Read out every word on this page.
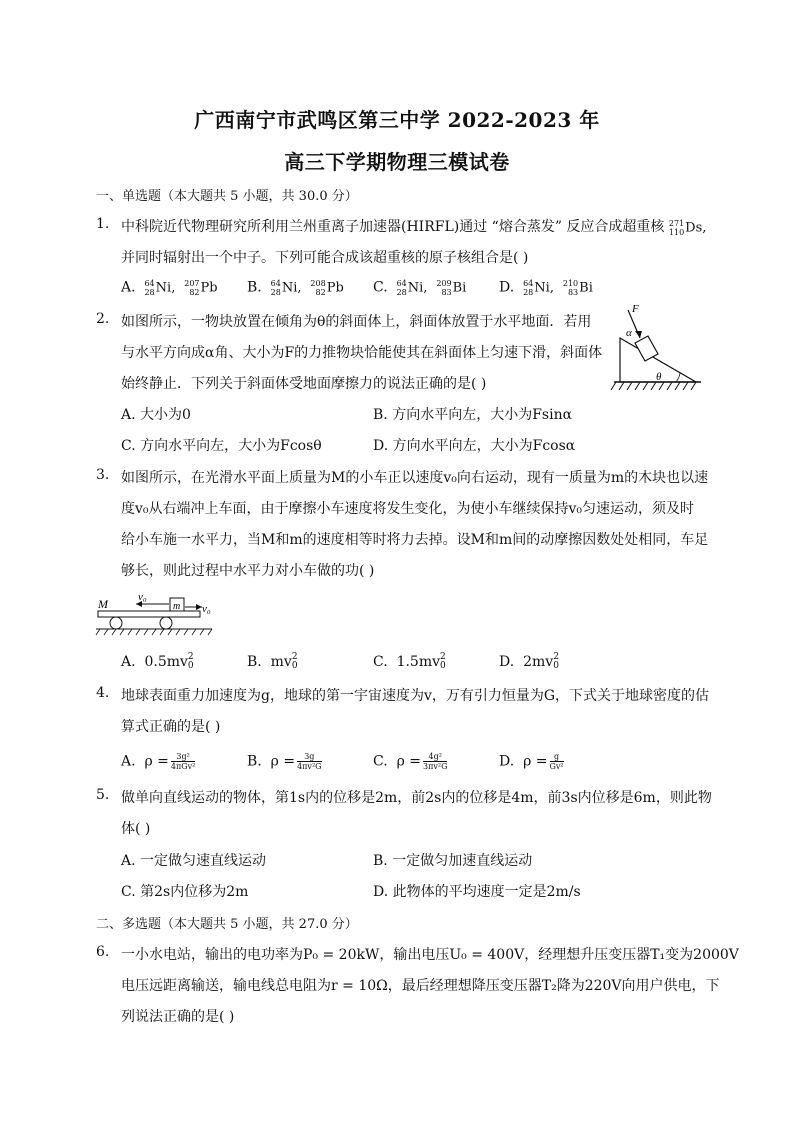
广西南宁市武鸣区第三中学 2022-2023 年
高三下学期物理三模试卷
一、单选题（本大题共 5 小题，共 30.0 分）
1. 中科院近代物理研究所利用兰州重离子加速器(HIRFL)通过 “熔合蒸发” 反应合成超重核 271
110 Ds,
并同时辐射出一个中子。下列可能合成该超重核的原子核组合是( )
A. 64
28 Ni, 207
82 Pb B. 64
28 Ni, 208
82 Pb C. 64
28 Ni, 209
83 Bi D. 64
28 Ni, 210
83 Bi
2. 如图所示，一物块放置在倾角为θ的斜面体上，斜面体放置于水平地面．若用
与水平方向成α角、大小为F的力推物块恰能使其在斜面体上匀速下滑，斜面体
始终静止．下列关于斜面体受地面摩擦力的说法正确的是( )
F
α
θ
A. 大小为0	B. 方向水平向左，大小为Fsinα
C. 方向水平向左，大小为Fcosθ	D. 方向水平向左，大小为Fcosα
3. 如图所示，在光滑水平面上质量为M的小车正以速度v₀向右运动，现有一质量为m的木块也以速
度v₀从右端冲上车面，由于摩擦小车速度将发生变化，为使小车继续保持v₀匀速运动，须及时
给小车施一水平力，当M和m的速度相等时将力去掉。设M和m间的动摩擦因数处处相同，车足
够长，则此过程中水平力对小车做的功( )
M	m
v₀
v₀
A. 0.5mv 2
0	B. mv 2
0	C. 1.5mv 2
0	D. 2mv 2
0
4. 地球表面重力加速度为g，地球的第一宇宙速度为v，万有引力恒量为G，下式关于地球密度的估
算式正确的是( )
A. $\rho = \frac{\text{3g²}}{\text{4πGv²}}$	B. $\rho = \frac{3g}{\text{4πv²G}}$	C. $\rho = \frac{\text{4g²}}{\text{3πv²G}}$	D. $\rho = \frac{g}{\text{Gv²}}$
5. 做单向直线运动的物体，第1s内的位移是2m，前2s内的位移是4m，前3s内位移是6m，则此物
体( )
A. 一定做匀速直线运动	B. 一定做匀加速直线运动
C. 第2s内位移为2m	D. 此物体的平均速度一定是2m/s
二、多选题（本大题共 5 小题，共 27.0 分）
6. 一小水电站，输出的电功率为P₀ = 20kW，输出电压U₀ = 400V，经理想升压变压器T₁变为2000V
电压远距离输送，输电线总电阻为r = 10Ω，最后经理想降压变压器T₂降为220V向用户供电，下
列说法正确的是( )
